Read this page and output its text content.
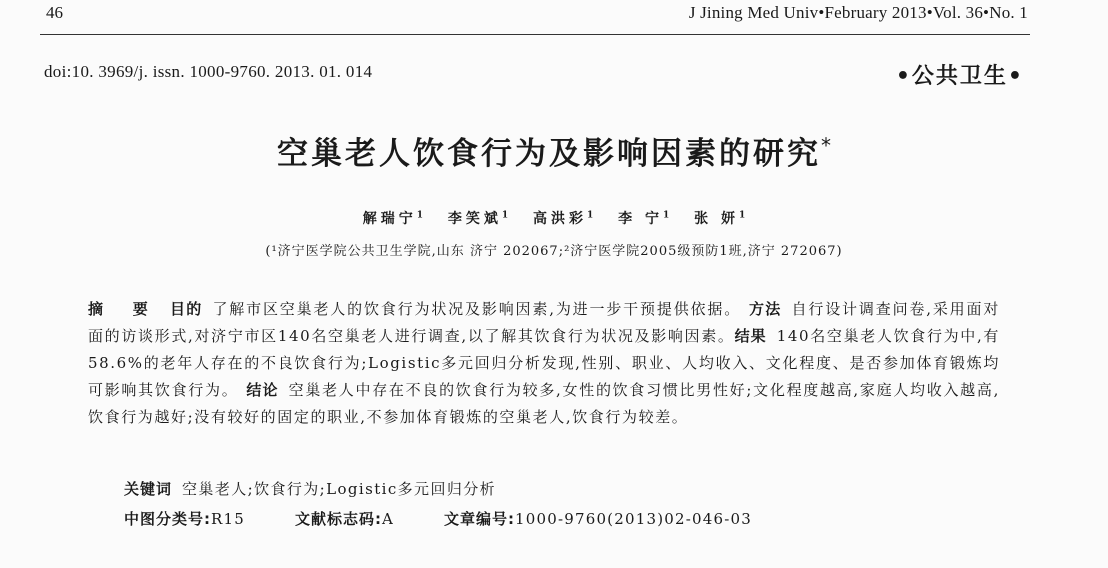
46	J Jining Med Univ•February 2013•Vol. 36•No. 1
doi:10. 3969/j. issn. 1000-9760. 2013. 01. 014	•公共卫生•
空巢老人饮食行为及影响因素的研究*
解瑞宁$^1$ 李笑斌$^1$ 高洪彩$^1$ 李 宁$^1$ 张 妍$^1$
(¹济宁医学院公共卫生学院,山东 济宁 202067;²济宁医学院2005级预防1班,济宁 272067)
摘 要 目的 了解市区空巢老人的饮食行为状况及影响因素,为进一步干预提供依据。 方法 自行设计调查问卷,采用面对面的访谈形式,对济宁市区140名空巢老人进行调查,以了解其饮食行为状况及影响因素。结果 140名空巢老人饮食行为中,有58.6%的老年人存在的不良饮食行为;Logistic多元回归分析发现,性别、职业、人均收入、文化程度、是否参加体育锻炼均可影响其饮食行为。 结论 空巢老人中存在不良的饮食行为较多,女性的饮食习惯比男性好;文化程度越高,家庭人均收入越高,饮食行为越好;没有较好的固定的职业,不参加体育锻炼的空巢老人,饮食行为较差。
关键词 空巢老人;饮食行为;Logistic多元回归分析
中图分类号:R15	文献标志码:A	文章编号:1000-9760(2013)02-046-03
